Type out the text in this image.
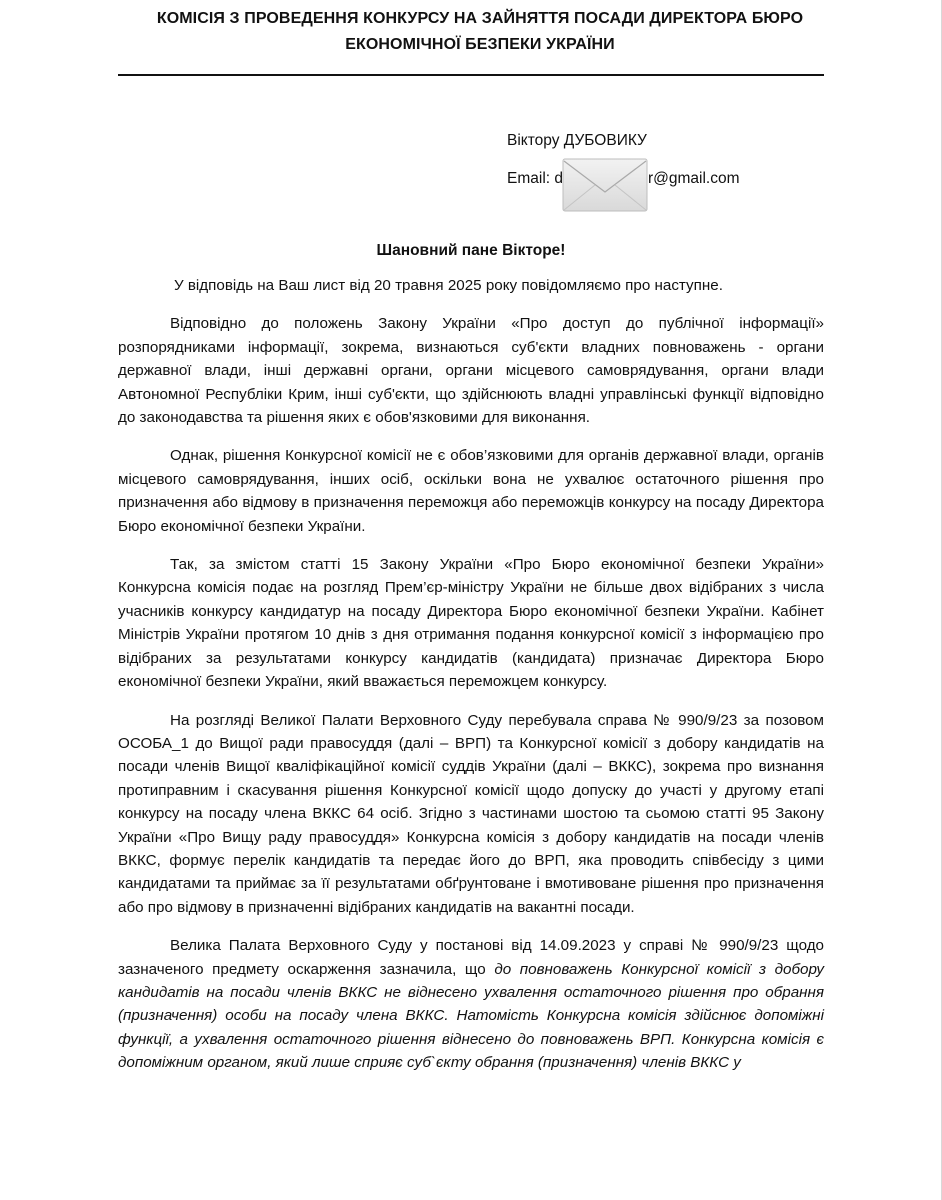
КОМІСІЯ З ПРОВЕДЕННЯ КОНКУРСУ НА ЗАЙНЯТТЯ ПОСАДИ ДИРЕКТОРА БЮРО
ЕКОНОМІЧНОЇ БЕЗПЕКИ УКРАЇНИ
Віктору ДУБОВИКУ
Email: d	r@gmail.com
Шановний пане Вікторе!

У відповідь на Ваш лист від 20 травня 2025 року повідомляємо про наступне.

Відповідно до положень Закону України «Про доступ до публічної інформації» розпорядниками інформації, зокрема, визнаються суб'єкти владних повноважень - органи державної влади, інші державні органи, органи місцевого самоврядування, органи влади Автономної Республіки Крим, інші суб'єкти, що здійснюють владні управлінські функції відповідно до законодавства та рішення яких є обов'язковими для виконання.

Однак, рішення Конкурсної комісії не є обов’язковими для органів державної влади, органів місцевого самоврядування, інших осіб, оскільки вона не ухвалює остаточного рішення про призначення або відмову в призначення переможця або переможців конкурсу на посаду Директора Бюро економічної безпеки України.

Так, за змістом статті 15 Закону України «Про Бюро економічної безпеки України» Конкурсна комісія подає на розгляд Прем’єр-міністру України не більше двох відібраних з числа учасників конкурсу кандидатур на посаду Директора Бюро економічної безпеки України. Кабінет Міністрів України протягом 10 днів з дня отримання подання конкурсної комісії з інформацією про відібраних за результатами конкурсу кандидатів (кандидата) призначає Директора Бюро економічної безпеки України, який вважається переможцем конкурсу.

На розгляді Великої Палати Верховного Суду перебувала справа № 990/9/23 за позовом ОСОБА_1 до Вищої ради правосуддя (далі – ВРП) та Конкурсної комісії з добору кандидатів на посади членів Вищої кваліфікаційної комісії суддів України (далі – ВККС), зокрема про визнання протиправним і скасування рішення Конкурсної комісії щодо допуску до участі у другому етапі конкурсу на посаду члена ВККС 64 осіб. Згідно з частинами шостою та сьомою статті 95 Закону України «Про Вищу раду правосуддя» Конкурсна комісія з добору кандидатів на посади членів ВККС, формує перелік кандидатів та передає його до ВРП, яка проводить співбесіду з цими кандидатами та приймає за її результатами обґрунтоване і вмотивоване рішення про призначення або про відмову в призначенні відібраних кандидатів на вакантні посади.

Велика Палата Верховного Суду у постанові від 14.09.2023 у справі № 990/9/23 щодо зазначеного предмету оскарження зазначила, що до повноважень Конкурсної комісії з добору кандидатів на посади членів ВККС не віднесено ухвалення остаточного рішення про обрання (призначення) особи на посаду члена ВККС. Натомість Конкурсна комісія здійснює допоміжні функції, а ухвалення остаточного рішення віднесено до повноважень ВРП. Конкурсна комісія є допоміжним органом, який лише сприяє суб`єкту обрання (призначення) членів ВККС у
